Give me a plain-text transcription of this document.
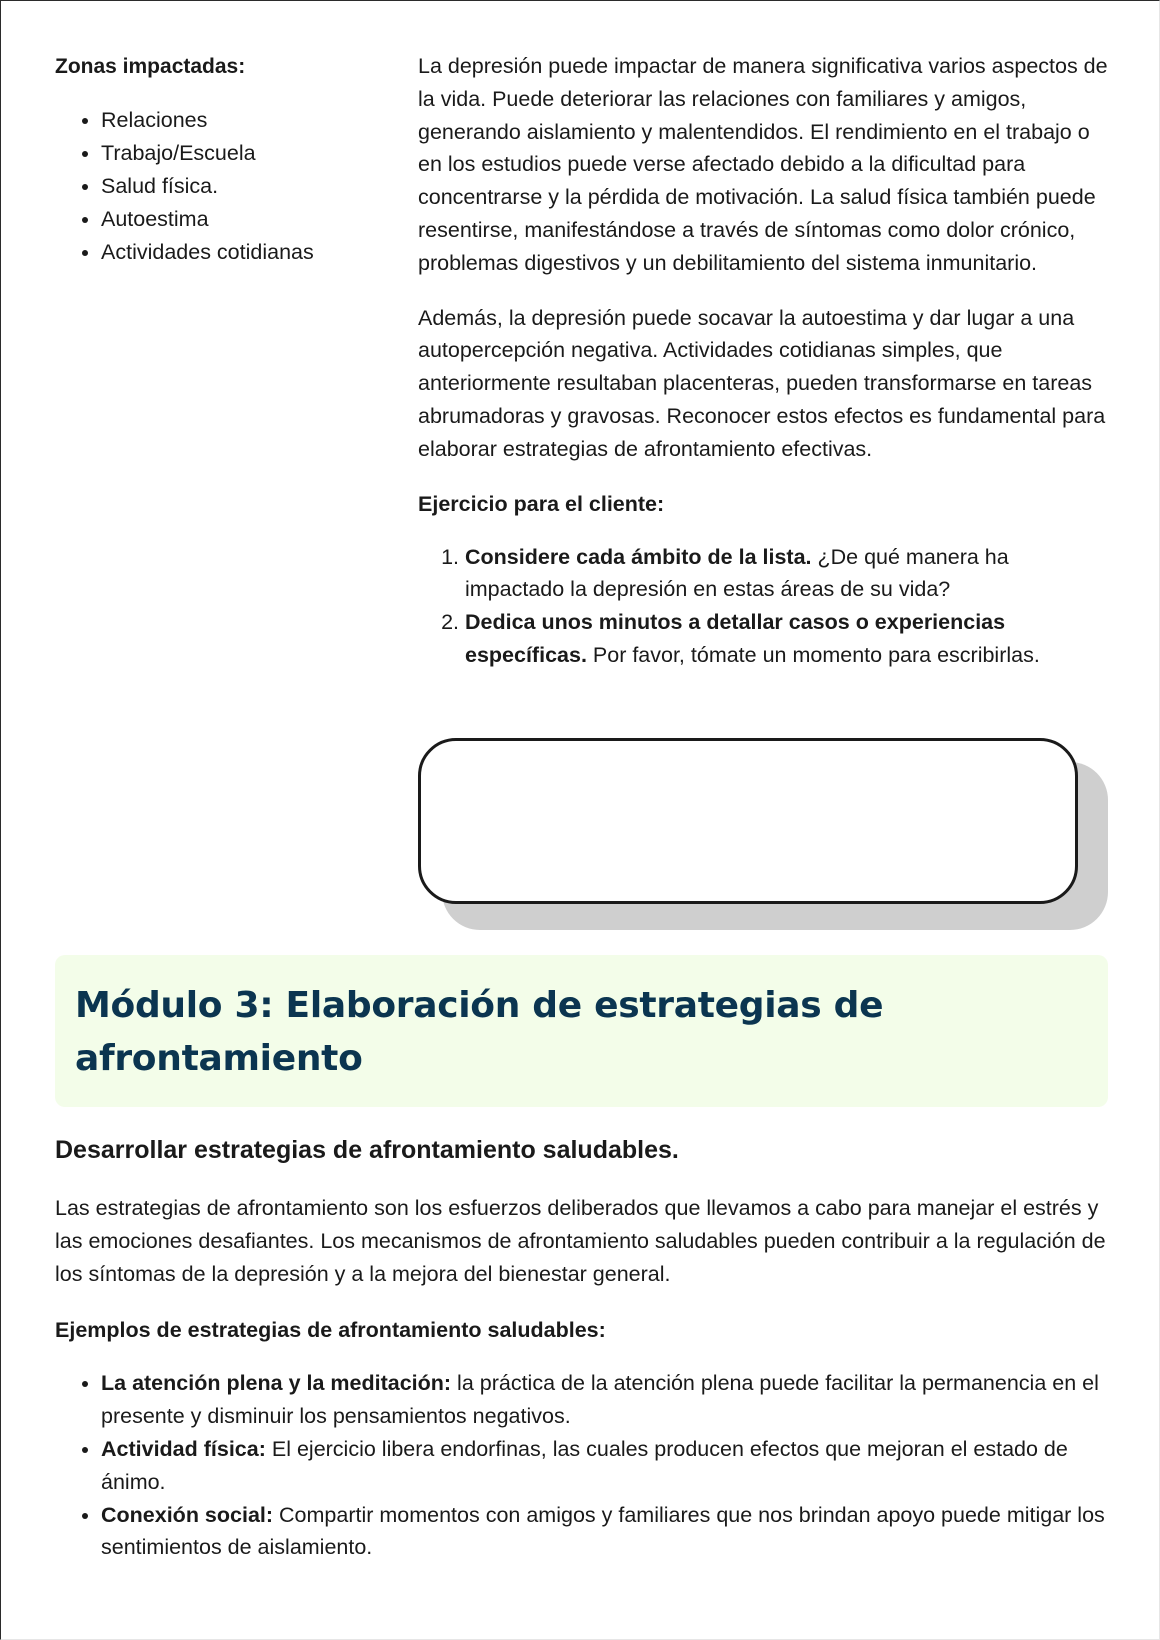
Zonas impactadas:

• Relaciones
• Trabajo/Escuela
• Salud física.
• Autoestima
• Actividades cotidianas

La depresión puede impactar de manera significativa varios aspectos de la vida. Puede deteriorar las relaciones con familiares y amigos, generando aislamiento y malentendidos. El rendimiento en el trabajo o en los estudios puede verse afectado debido a la dificultad para concentrarse y la pérdida de motivación. La salud física también puede resentirse, manifestándose a través de síntomas como dolor crónico, problemas digestivos y un debilitamiento del sistema inmunitario.

Además, la depresión puede socavar la autoestima y dar lugar a una autopercepción negativa. Actividades cotidianas simples, que anteriormente resultaban placenteras, pueden transformarse en tareas abrumadoras y gravosas. Reconocer estos efectos es fundamental para elaborar estrategias de afrontamiento efectivas.

Ejercicio para el cliente:

1. Considere cada ámbito de la lista. ¿De qué manera ha impactado la depresión en estas áreas de su vida?
2. Dedica unos minutos a detallar casos o experiencias específicas. Por favor, tómate un momento para escribirlas.
Módulo 3: Elaboración de estrategias de afrontamiento
Desarrollar estrategias de afrontamiento saludables.

Las estrategias de afrontamiento son los esfuerzos deliberados que llevamos a cabo para manejar el estrés y las emociones desafiantes. Los mecanismos de afrontamiento saludables pueden contribuir a la regulación de los síntomas de la depresión y a la mejora del bienestar general.

Ejemplos de estrategias de afrontamiento saludables:

• La atención plena y la meditación: la práctica de la atención plena puede facilitar la permanencia en el presente y disminuir los pensamientos negativos.
• Actividad física: El ejercicio libera endorfinas, las cuales producen efectos que mejoran el estado de ánimo.
• Conexión social: Compartir momentos con amigos y familiares que nos brindan apoyo puede mitigar los sentimientos de aislamiento.
